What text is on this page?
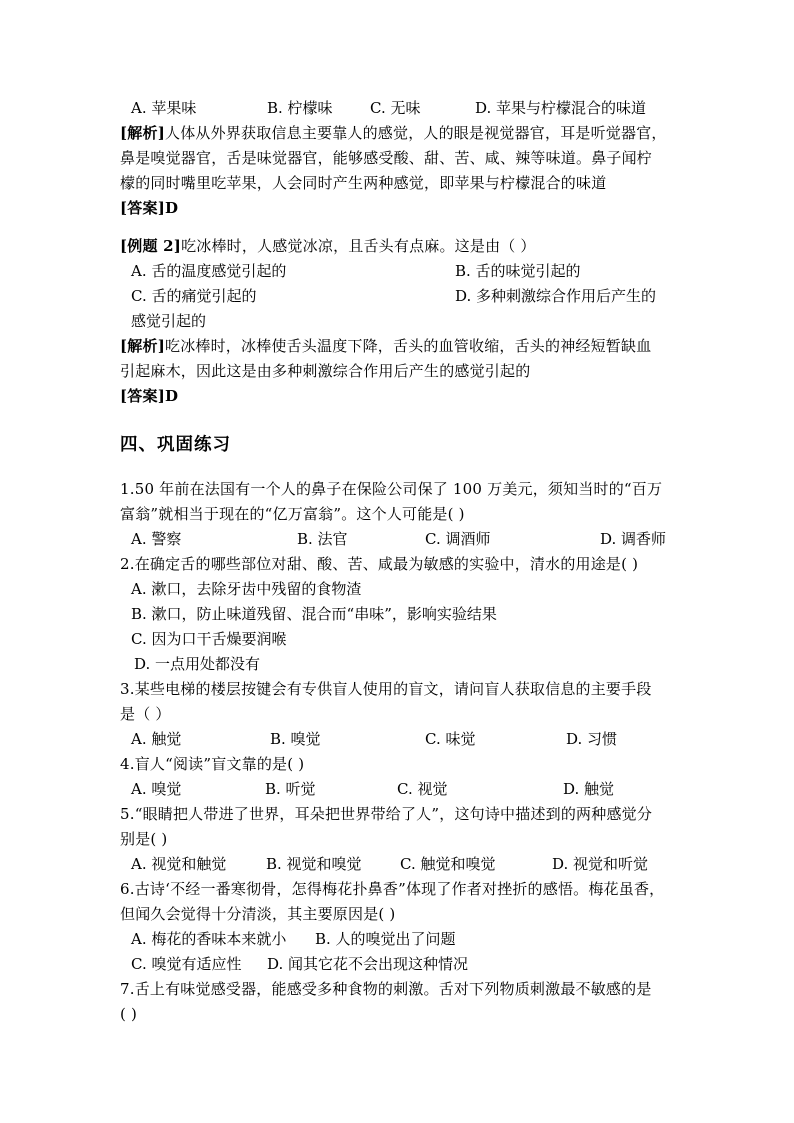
A. 苹果味	B. 柠檬味 C. 无味	D. 苹果与柠檬混合的味道
[解析]人体从外界获取信息主要靠人的感觉，人的眼是视觉器官，耳是听觉器官，
鼻是嗅觉器官，舌是味觉器官，能够感受酸、甜、苦、咸、辣等味道。鼻子闻柠
檬的同时嘴里吃苹果，人会同时产生两种感觉，即苹果与柠檬混合的味道
[答案]D
[例题 2]吃冰棒时，人感觉冰凉，且舌头有点麻。这是由（ ）
A. 舌的温度感觉引起的	B. 舌的味觉引起的
C. 舌的痛觉引起的	D. 多种刺激综合作用后产生的
感觉引起的
[解析]吃冰棒时，冰棒使舌头温度下降，舌头的血管收缩，舌头的神经短暂缺血
引起麻木，因此这是由多种刺激综合作用后产生的感觉引起的
[答案]D
四、巩固练习
1.50 年前在法国有一个人的鼻子在保险公司保了 100 万美元，须知当时的“百万
富翁”就相当于现在的“亿万富翁”。这个人可能是( )
A. 警察	B. 法官	C. 调酒师	D. 调香师
2.在确定舌的哪些部位对甜、酸、苦、咸最为敏感的实验中，清水的用途是( )
A. 漱口，去除牙齿中残留的食物渣
B. 漱口，防止味道残留、混合而“串味”，影响实验结果
C. 因为口干舌燥要润喉
D. 一点用处都没有
3.某些电梯的楼层按键会有专供盲人使用的盲文，请问盲人获取信息的主要手段
是（ ）
A. 触觉	B. 嗅觉	C. 味觉	D. 习惯
4.盲人“阅读”盲文靠的是( )
A. 嗅觉	B. 听觉	C. 视觉	D. 触觉
5.“眼睛把人带进了世界，耳朵把世界带给了人”，这句诗中描述到的两种感觉分
别是( )
A. 视觉和触觉	B. 视觉和嗅觉	C. 触觉和嗅觉	D. 视觉和听觉
6.古诗‘不经一番寒彻骨，怎得梅花扑鼻香”体现了作者对挫折的感悟。梅花虽香，
但闻久会觉得十分清淡，其主要原因是( )
A. 梅花的香味本来就小 B. 人的嗅觉出了问题
C. 嗅觉有适应性 D. 闻其它花不会出现这种情况
7.舌上有味觉感受器，能感受多种食物的刺激。舌对下列物质刺激最不敏感的是
( )
